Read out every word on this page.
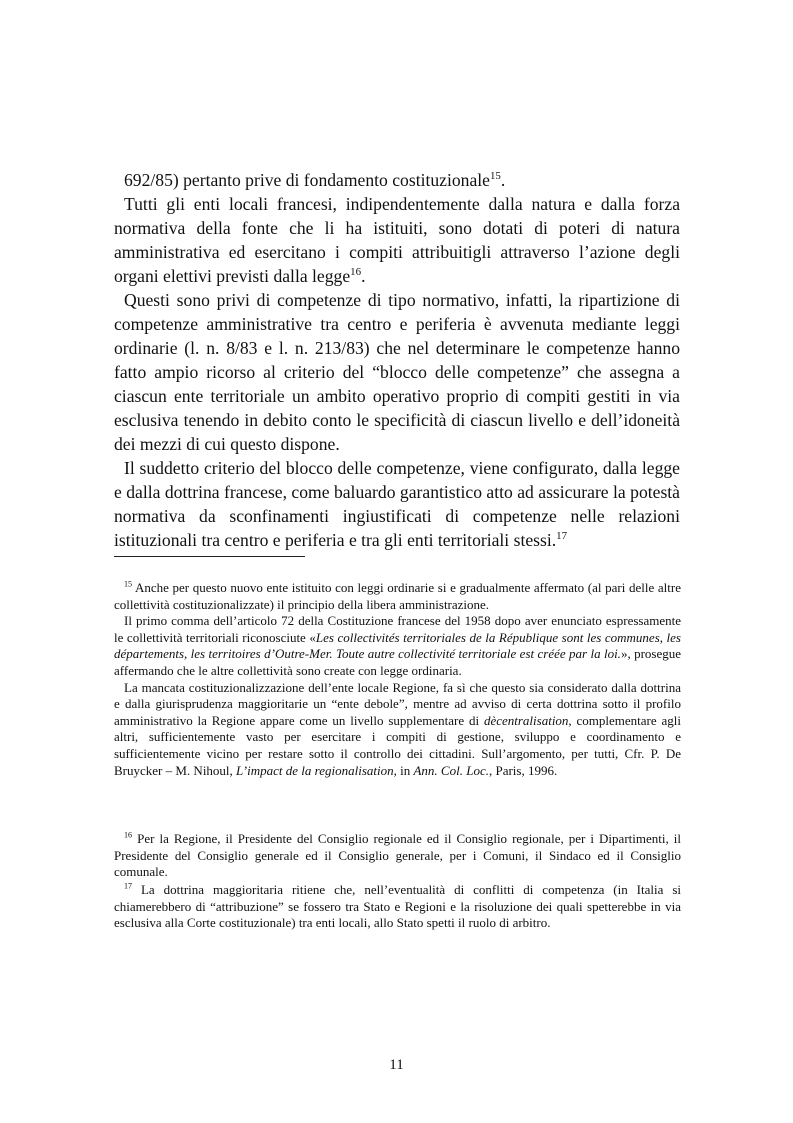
692/85) pertanto prive di fondamento costituzionale$^{15}$.

Tutti gli enti locali francesi, indipendentemente dalla natura e dalla forza normativa della fonte che li ha istituiti, sono dotati di poteri di natura amministrativa ed esercitano i compiti attribuitigli attraverso l’azione degli organi elettivi previsti dalla legge$^{16}$.

Questi sono privi di competenze di tipo normativo, infatti, la ripartizione di competenze amministrative tra centro e periferia è avvenuta mediante leggi ordinarie (l. n. 8/83 e l. n. 213/83) che nel determinare le competenze hanno fatto ampio ricorso al criterio del “blocco delle competenze” che assegna a ciascun ente territoriale un ambito operativo proprio di compiti gestiti in via esclusiva tenendo in debito conto le specificità di ciascun livello e dell’idoneità dei mezzi di cui questo dispone.

Il suddetto criterio del blocco delle competenze, viene configurato, dalla legge e dalla dottrina francese, come baluardo garantistico atto ad assicurare la potestà normativa da sconfinamenti ingiustificati di competenze nelle relazioni istituzionali tra centro e periferia e tra gli enti territoriali stessi.$^{17}$

$^{15}$ Anche per questo nuovo ente istituito con leggi ordinarie si e gradualmente affermato (al pari delle altre collettività costituzionalizzate) il principio della libera amministrazione.

Il primo comma dell’articolo 72 della Costituzione francese del 1958 dopo aver enunciato espressamente le collettività territoriali riconosciute «Les collectivités territoriales de la République sont les communes, les départements, les territoires d’Outre-Mer. Toute autre collectivité territoriale est créée par la loi.», prosegue affermando che le altre collettività sono create con legge ordinaria.

La mancata costituzionalizzazione dell’ente locale Regione, fa sì che questo sia considerato dalla dottrina e dalla giurisprudenza maggioritarie un “ente debole”, mentre ad avviso di certa dottrina sotto il profilo amministrativo la Regione appare come un livello supplementare di dècentralisation, complementare agli altri, sufficientemente vasto per esercitare i compiti di gestione, sviluppo e coordinamento e sufficientemente vicino per restare sotto il controllo dei cittadini. Sull’argomento, per tutti, Cfr. P. De Bruycker – M. Nihoul, L’impact de la regionalisation, in Ann. Col. Loc., Paris, 1996.

$^{16}$ Per la Regione, il Presidente del Consiglio regionale ed il Consiglio regionale, per i Dipartimenti, il Presidente del Consiglio generale ed il Consiglio generale, per i Comuni, il Sindaco ed il Consiglio comunale.

$^{17}$ La dottrina maggioritaria ritiene che, nell’eventualità di conflitti di competenza (in Italia si chiamerebbero di “attribuzione” se fossero tra Stato e Regioni e la risoluzione dei quali spetterebbe in via esclusiva alla Corte costituzionale) tra enti locali, allo Stato spetti il ruolo di arbitro.

11
